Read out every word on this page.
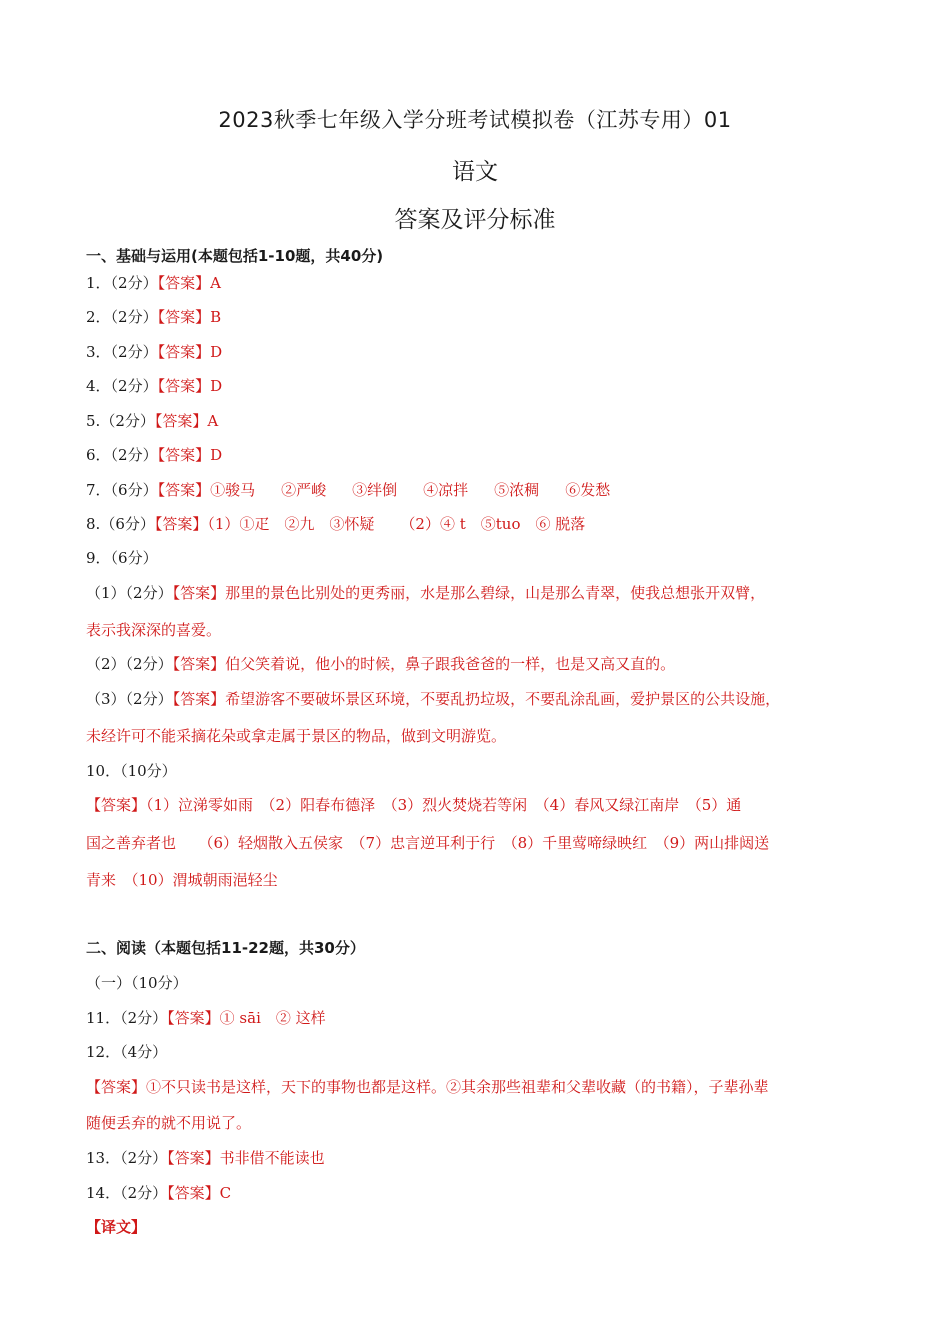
2023秋季七年级入学分班考试模拟卷（江苏专用）01
语文
答案及评分标准
一、基础与运用(本题包括1-10题，共40分)
1．（2分）【答案】A
2．（2分）【答案】B
3．（2分）【答案】D
4．（2分）【答案】D
5.（2分）【答案】A
6．（2分）【答案】D
7．（6分）【答案】①骏马 ②严峻 ③绊倒 ④凉拌 ⑤浓稠 ⑥发愁
8.（6分）【答案】（1）①疋　②九　③怀疑 （2）④ t　⑤tuo　⑥ 脱落
9．（6分）
（1）（2分）【答案】那里的景色比别处的更秀丽，水是那么碧绿，山是那么青翠，使我总想张开双臂，
表示我深深的喜爱。
（2）（2分）【答案】伯父笑着说，他小的时候，鼻子跟我爸爸的一样，也是又高又直的。
（3）（2分）【答案】希望游客不要破坏景区环境，不要乱扔垃圾，不要乱涂乱画，爱护景区的公共设施，
未经许可不能采摘花朵或拿走属于景区的物品，做到文明游览。
10．（10分）
【答案】（1）泣涕零如雨　（2）阳春布德泽　（3）烈火焚烧若等闲　（4）春风又绿江南岸　（5）通
国之善弃者也　　（6）轻烟散入五侯家　（7）忠言逆耳利于行　（8）千里莺啼绿映红　（9）两山排闼送
青来　（10）渭城朝雨浥轻尘
二、阅读（本题包括11-22题，共30分）
（一）（10分）
11．（2分）【答案】① sāi　② 这样
12．（4分）
【答案】①不只读书是这样，天下的事物也都是这样。②其余那些祖辈和父辈收藏（的书籍），子辈孙辈
随便丢弃的就不用说了。
13．（2分）【答案】书非借不能读也
14．（2分）【答案】C
【译文】
